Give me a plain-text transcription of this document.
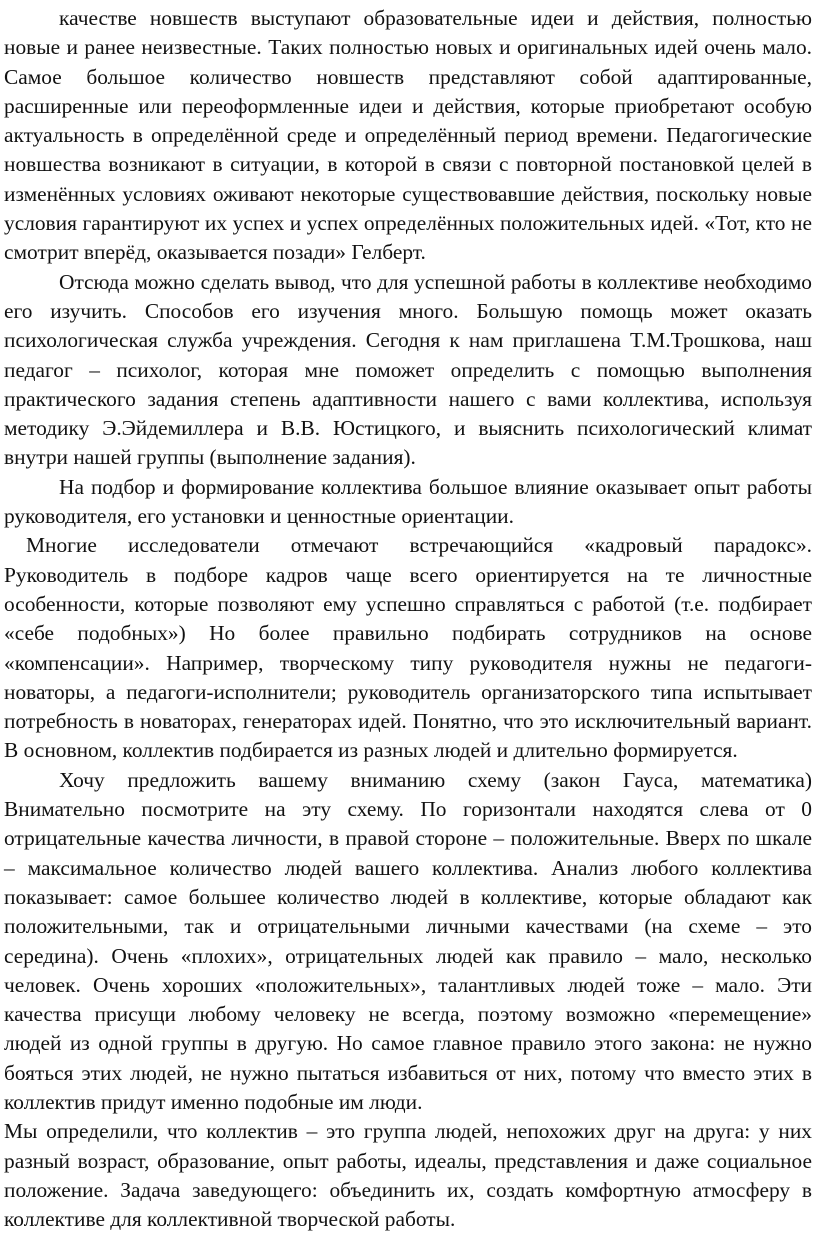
качестве новшеств выступают образовательные идеи и действия, полностью новые и ранее неизвестные. Таких полностью новых и оригинальных идей очень мало. Самое большое количество новшеств представляют собой адаптированные, расширенные или переоформленные идеи и действия, которые приобретают особую актуальность в определённой среде и определённый период времени. Педагогические новшества возникают в ситуации, в которой в связи с повторной постановкой целей в изменённых условиях оживают некоторые существовавшие действия, поскольку новые условия гарантируют их успех и успех определённых положительных идей. «Тот, кто не смотрит вперёд, оказывается позади» Гелберт.

Отсюда можно сделать вывод, что для успешной работы в коллективе необходимо его изучить. Способов его изучения много. Большую помощь может оказать психологическая служба учреждения. Сегодня к нам приглашена Т.М.Трошкова, наш педагог – психолог, которая мне поможет определить с помощью выполнения практического задания степень адаптивности нашего с вами коллектива, используя методику Э.Эйдемиллера и В.В. Юстицкого, и выяснить психологический климат внутри нашей группы (выполнение задания).

На подбор и формирование коллектива большое влияние оказывает опыт работы руководителя, его установки и ценностные ориентации.

Многие исследователи отмечают встречающийся «кадровый парадокс». Руководитель в подборе кадров чаще всего ориентируется на те личностные особенности, которые позволяют ему успешно справляться с работой (т.е. подбирает «себе подобных») Но более правильно подбирать сотрудников на основе «компенсации». Например, творческому типу руководителя нужны не педагоги-новаторы, а педагоги-исполнители; руководитель организаторского типа испытывает потребность в новаторах, генераторах идей. Понятно, что это исключительный вариант. В основном, коллектив подбирается из разных людей и длительно формируется.

Хочу предложить вашему вниманию схему (закон Гауса, математика) Внимательно посмотрите на эту схему. По горизонтали находятся слева от 0 отрицательные качества личности, в правой стороне – положительные. Вверх по шкале – максимальное количество людей вашего коллектива. Анализ любого коллектива показывает: самое большее количество людей в коллективе, которые обладают как положительными, так и отрицательными личными качествами (на схеме – это середина). Очень «плохих», отрицательных людей как правило – мало, несколько человек. Очень хороших «положительных», талантливых людей тоже – мало. Эти качества присущи любому человеку не всегда, поэтому возможно «перемещение» людей из одной группы в другую. Но самое главное правило этого закона: не нужно бояться этих людей, не нужно пытаться избавиться от них, потому что вместо этих в коллектив придут именно подобные им люди.

Мы определили, что коллектив – это группа людей, непохожих друг на друга: у них разный возраст, образование, опыт работы, идеалы, представления и даже социальное положение. Задача заведующего: объединить их, создать комфортную атмосферу в коллективе для коллективной творческой работы.
